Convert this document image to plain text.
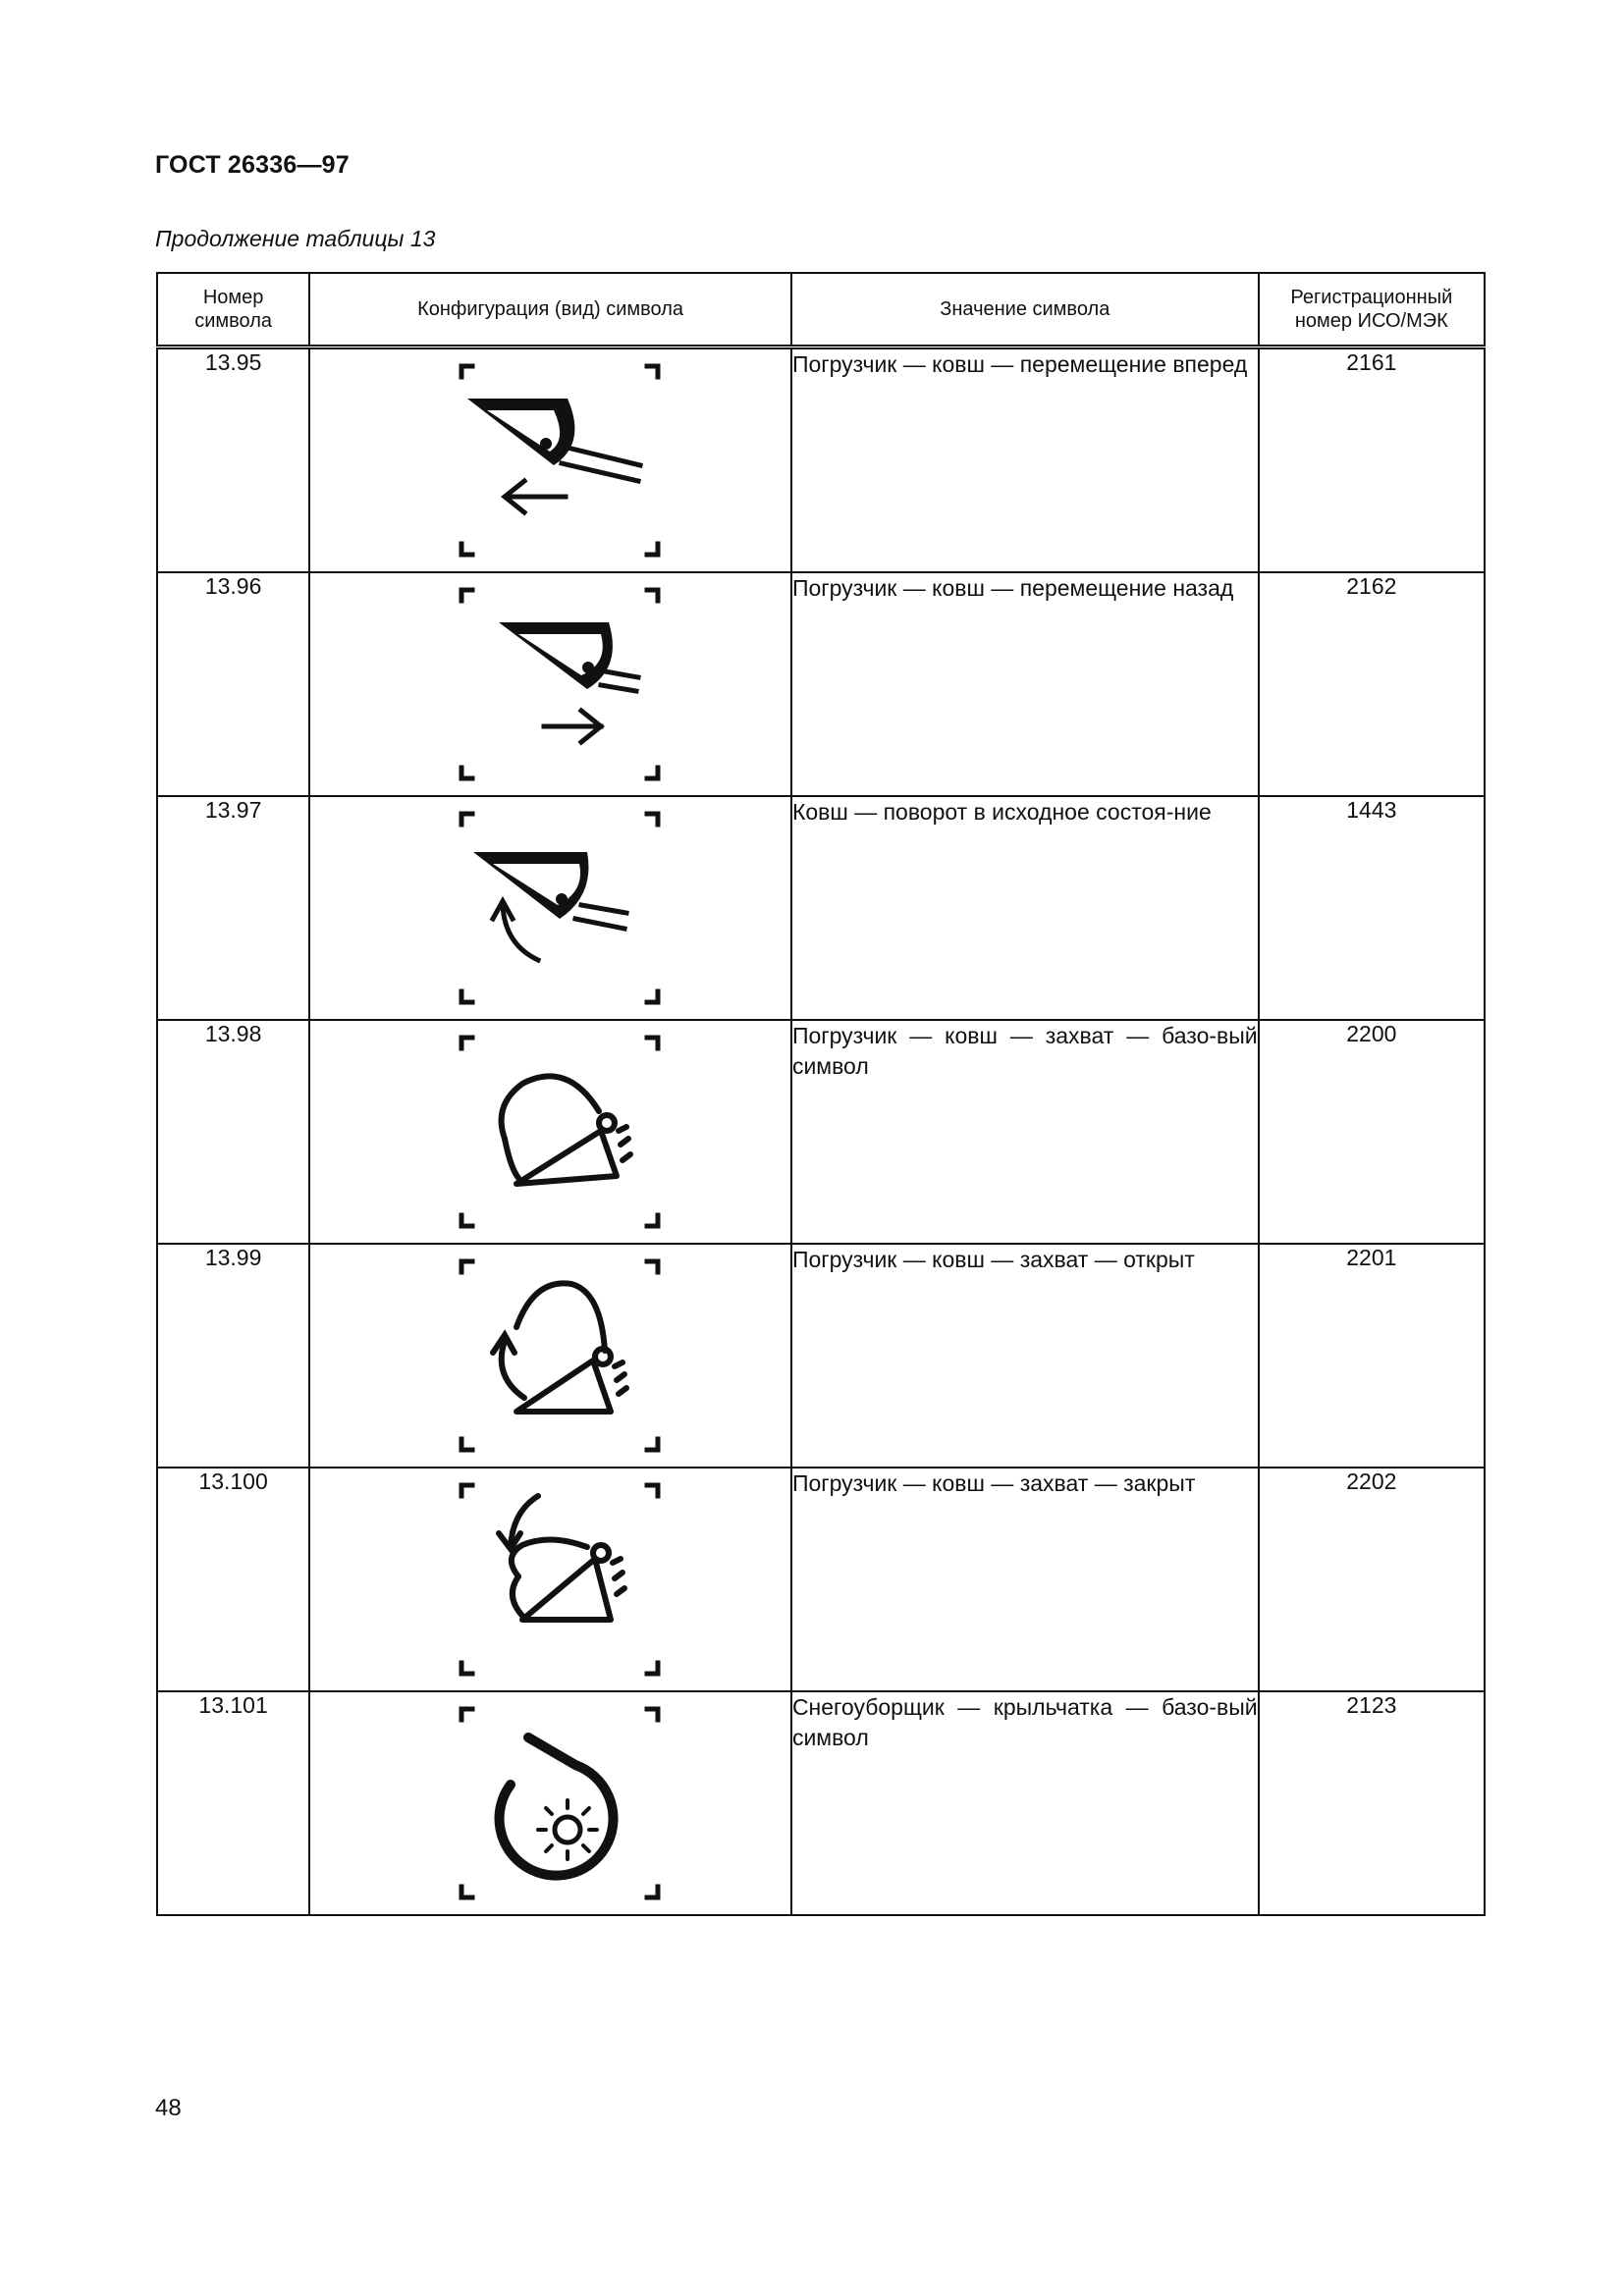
ГОСТ 26336—97
Продолжение таблицы 13
Номер символа	Конфигурация (вид) символа	Значение символа	Регистрационный номер ИСО/МЭК
13.95		Погрузчик — ковш — перемещение вперед	2161
13.96		Погрузчик — ковш — перемещение назад	2162
13.97		Ковш — поворот в исходное состоя-ние	1443
13.98		Погрузчик — ковш — захват — базо-вый символ	2200
13.99		Погрузчик — ковш — захват — открыт	2201
13.100		Погрузчик — ковш — захват — закрыт	2202
13.101		Снегоуборщик — крыльчатка — базо-вый символ	2123
48
